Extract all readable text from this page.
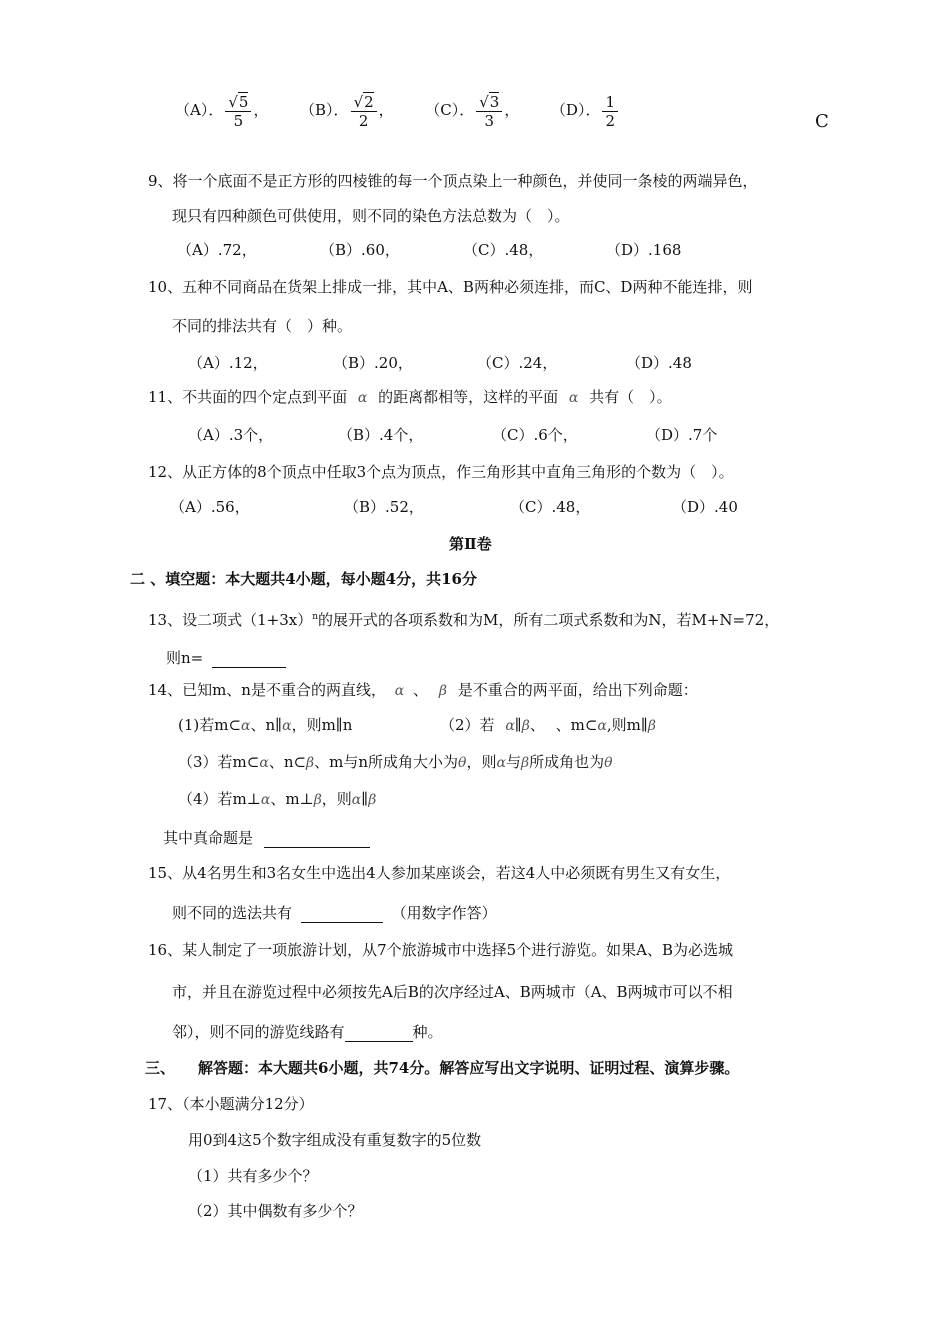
（A）． $\frac{√5}{5}$ ， （B）． $\frac{√2}{2}$ ， （C）． $\frac{√3}{3}$ ， （D）． $\frac{1}{2}$	C
9、将一个底面不是正方形的四棱锥的每一个顶点染上一种颜色，并使同一条棱的两端异色，
现只有四种颜色可供使用，则不同的染色方法总数为（　）。
（A）.72，	（B）.60，	（C）.48，	（D）.168
10、五种不同商品在货架上排成一排，其中A、B两种必须连排，而C、D两种不能连排，则
不同的排法共有（　）种。
（A）.12，	（B）.20，	（C）.24，	（D）.48
11、不共面的四个定点到平面 α 的距离都相等，这样的平面 α 共有（　）。
（A）.3个，	（B）.4个，	（C）.6个，	（D）.7个
12、从正方体的8个顶点中任取3个点为顶点，作三角形其中直角三角形的个数为（　）。
（A）.56，	（B）.52，	（C）.48，	（D）.40
第Ⅱ卷
二 、填空题：本大题共4小题，每小题4分，共16分
13、设二项式$(1+3x)^n$的展开式的各项系数和为M，所有二项式系数和为N，若M+N=72，
则n=
14、已知m、n是不重合的两直线， α 、 β 是不重合的两平面，给出下列命题：
(1)若m⊂α、n∥α，则m∥n	（2）若 α∥β、 、m⊂α,则m∥β
（3）若m⊂α、n⊂β、m与n所成角大小为θ，则α与β所成角也为θ
（4）若m⊥α、m⊥β，则α∥β
其中真命题是
15、从4名男生和3名女生中选出4人参加某座谈会，若这4人中必须既有男生又有女生，
则不同的选法共有	（用数字作答）
16、某人制定了一项旅游计划，从7个旅游城市中选择5个进行游览。如果A、B为必选城
市，并且在游览过程中必须按先A后B的次序经过A、B两城市（A、B两城市可以不相
邻），则不同的游览线路有	种。
三、 解答题：本大题共6小题，共74分。解答应写出文字说明、证明过程、演算步骤。
17、（本小题满分12分）
用0到4这5个数字组成没有重复数字的5位数
（1）共有多少个？
（2）其中偶数有多少个？
